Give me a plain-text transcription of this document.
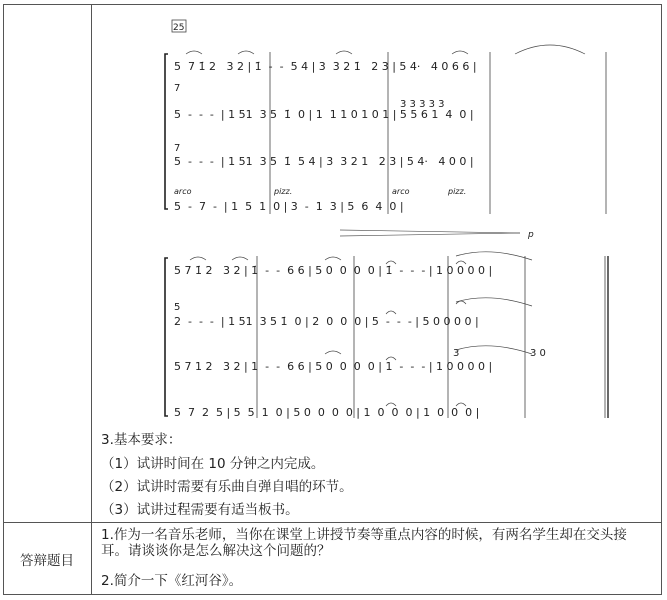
25
5  7 1̇ 2   3 2 | 1̇  -  -  5 4 | 3  3 2 1̇   2 3 | 5 4·   4 0 6 6 |
7
5  -  -  -  | 1 51  3 5  1̇  0 | 1  1 1 0 1 0 1 | 5 5 6 1  4  0 |
3 3 3 3 3
7
5  -  -  -  | 1 51  3 5  1̇  5 4 | 3  3 2 1   2 3 | 5 4·   4 0 0 |
arco	pizz.	arco	pizz.
5  -  7  -  | 1  5  1  0 | 3  -  1  3 | 5  6  4  0 |
p
5 7 1̇ 2   3 2 | 1̇  -  -  6 6 | 5 0  0  0  0 | 1̇  -  -  - | 1 0 0 0 0 |
5
2  -  -  -  | 1 51  3 5 1̇  0 | 2  0  0  0 | 5  -  -  - | 5 0 0 0 0 |
5 7 1 2   3 2 | 1  -  -  6 6 | 5 0  0  0  0 | 1  -  -  - | 1 0 0 0 0 |
3	3 0
5  7  2  5 | 5  5  1  0 | 5 0  0  0  0 | 1  0  0  0 | 1  0  0  0 |
3.基本要求：
（1）试讲时间在 10 分钟之内完成。
（2）试讲时需要有乐曲自弹自唱的环节。
（3）试讲过程需要有适当板书。
答辩题目
1.作为一名音乐老师，当你在课堂上讲授节奏等重点内容的时候，有两名学生却在交头接耳。请谈谈你是怎么解决这个问题的？
2.简介一下《红河谷》。
